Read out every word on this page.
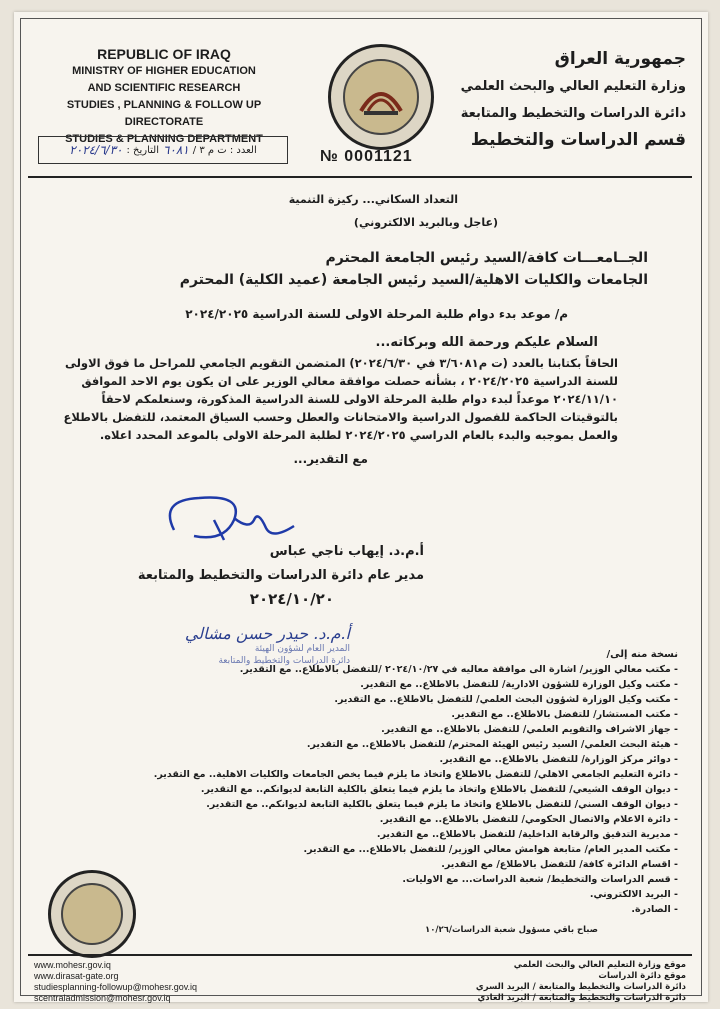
REPUBLIC OF IRAQ
MINISTRY OF HIGHER EDUCATION
AND SCIENTIFIC RESEARCH
STUDIES , PLANNING & FOLLOW UP DIRECTORATE
STUDIES & PLANNING DEPARTMENT
جمهورية العراق
وزارة التعليم العالي والبحث العلمي
دائرة الدراسات والتخطيط والمتابعة
قسم الدراسات والتخطيط
العدد : ت م ٣ /
٦٠٨١
التاريخ :
٢٠٢٤/٦/٣٠	№ 0001121
التعداد السكاني... ركيزة التنمية
(عاجل وبالبريد الالكتروني)
الجــامعـــات كافة/السيد رئيس الجامعة المحترم
الجامعات والكليات الاهلية/السيد رئيس الجامعة (عميد الكلية) المحترم
م/ موعد بدء دوام طلبة المرحلة الاولى للسنة الدراسية ٢٠٢٤/٢٠٢٥
السلام عليكم ورحمة الله وبركاته...
الحاقاً بكتابنا بالعدد (ت م٣/٦٠٨١ في ٢٠٢٤/٦/٣٠) المتضمن التقويم الجامعي للمراحل ما فوق الاولى للسنة الدراسية ٢٠٢٤/٢٠٢٥ ، بشأنه حصلت موافقة معالي الوزير على ان يكون يوم الاحد الموافق ٢٠٢٤/١١/١٠ موعداً لبدء دوام طلبة المرحلة الاولى للسنة الدراسية المذكورة، وسنعلمكم لاحقاً بالتوقيتات الحاكمة للفصول الدراسية والامتحانات والعطل وحسب السياق المعتمد، للتفضل بالاطلاع والعمل بموجبه والبدء بالعام الدراسي ٢٠٢٤/٢٠٢٥ لطلبة المرحلة الاولى بالموعد المحدد اعلاه.
مع التقدير...
أ.م.د. إيهاب ناجي عباس
مدير عام دائرة الدراسات والتخطيط والمتابعة
٢٠٢٤/١٠/٢٠
أ.م.د. حيدر حسن مشالي
المدير العام لشؤون الهيئة
دائرة الدراسات والتخطيط والمتابعة
نسخة منه إلى/
- مكتب معالي الوزير/ اشارة الى موافقة معاليه في ٢٠٢٤/١٠/٢٧ /للتفضل بالاطلاع.. مع التقدير.
- مكتب وكيل الوزارة للشؤون الادارية/ للتفضل بالاطلاع.. مع التقدير.
- مكتب وكيل الوزارة لشؤون البحث العلمي/ للتفضل بالاطلاع.. مع التقدير.
- مكتب المستشار/ للتفضل بالاطلاع.. مع التقدير.
- جهاز الاشراف والتقويم العلمي/ للتفضل بالاطلاع.. مع التقدير.
- هيئة البحث العلمي/ السيد رئيس الهيئة المحترم/ للتفضل بالاطلاع.. مع التقدير.
- دوائر مركز الوزارة/ للتفضل بالاطلاع.. مع التقدير.
- دائرة التعليم الجامعي الاهلي/ للتفضل بالاطلاع واتخاذ ما يلزم فيما يخص الجامعات والكليات الاهلية.. مع التقدير.
- ديوان الوقف الشيعي/ للتفضل بالاطلاع واتخاذ ما يلزم فيما يتعلق بالكلية التابعة لديوانكم.. مع التقدير.
- ديوان الوقف السني/ للتفضل بالاطلاع واتخاذ ما يلزم فيما يتعلق بالكلية التابعة لديوانكم.. مع التقدير.
- دائرة الاعلام والاتصال الحكومي/ للتفضل بالاطلاع.. مع التقدير.
- مديرية التدقيق والرقابة الداخلية/ للتفضل بالاطلاع.. مع التقدير.
- مكتب المدير العام/ متابعة هوامش معالي الوزير/ للتفضل بالاطلاع... مع التقدير.
- اقسام الدائرة كافة/ للتفضل بالاطلاع/ مع التقدير.
- قسم الدراسات والتخطيط/ شعبة الدراسات... مع الاوليات.
- البريد الالكتروني.
- الصادرة.
صباح باقي مسؤول شعبة الدراسات/١٠/٢٦
www.mohesr.gov.iq
www.dirasat-gate.org
studiesplanning-followup@mohesr.gov.iq
scentraladmission@mohesr.gov.iq
موقع وزارة التعليم العالي والبحث العلمي
موقع دائرة الدراسات
دائرة الدراسات والتخطيط والمتابعة / البريد السري
دائرة الدراسات والتخطيط والمتابعة / البريد العادي
